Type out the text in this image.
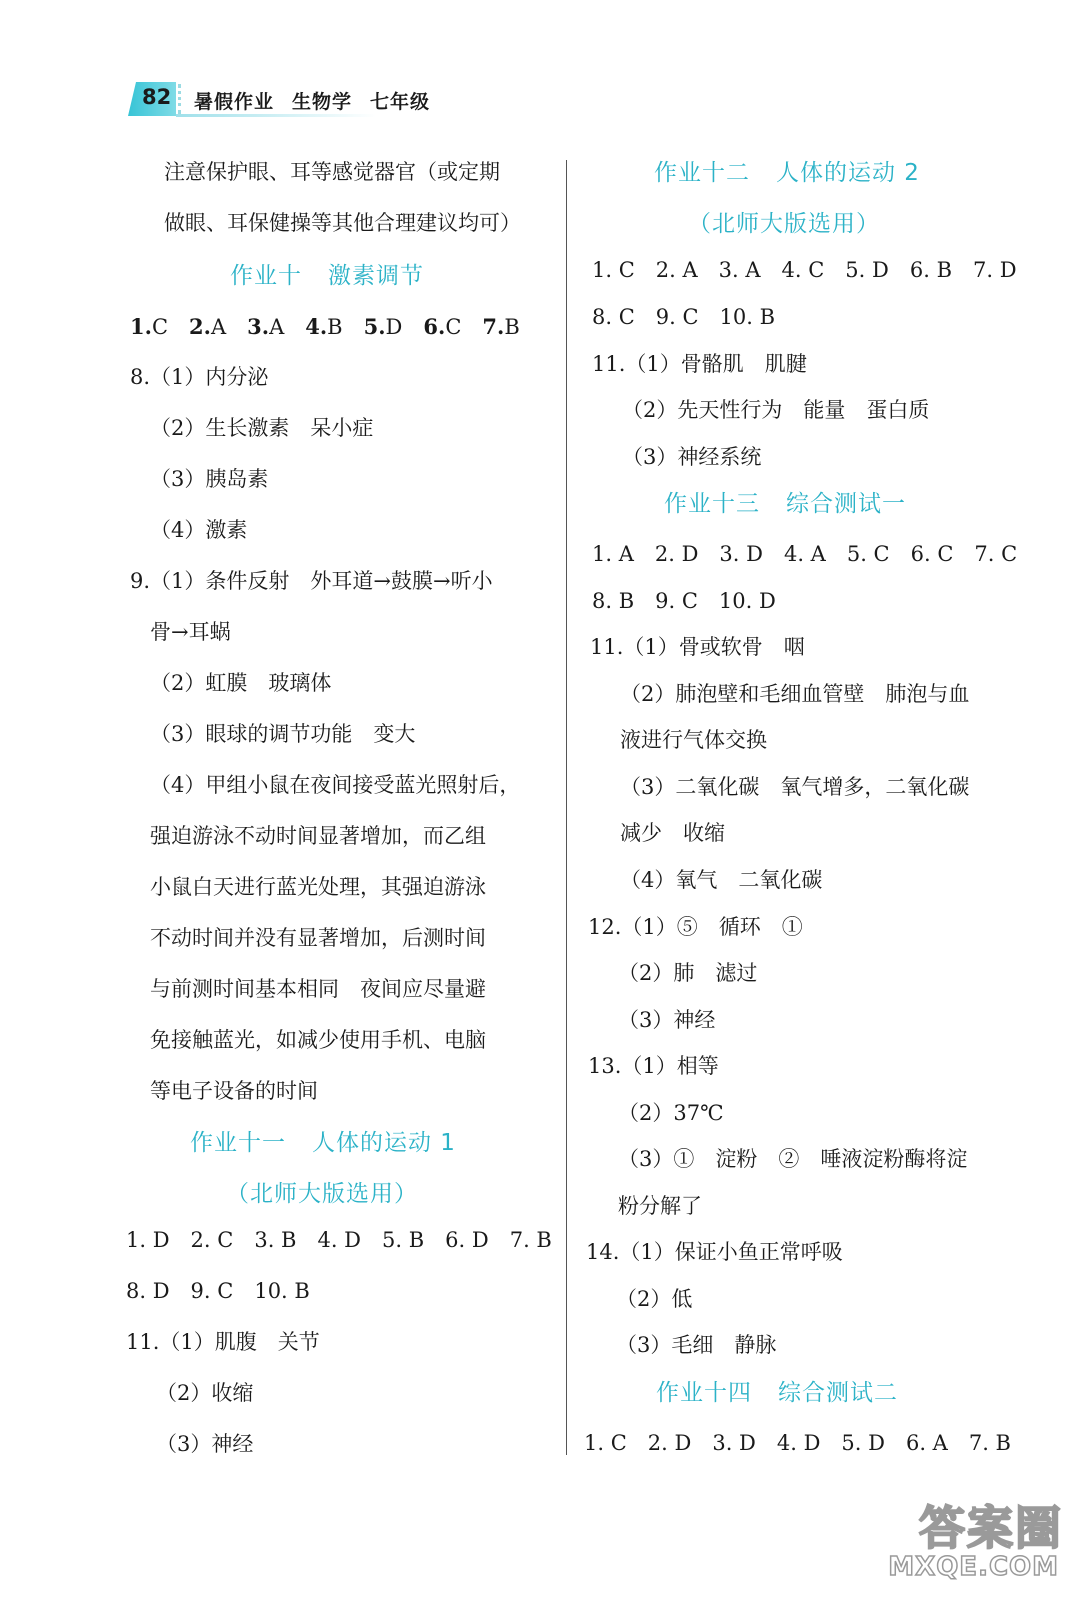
82 暑假作业 生物学 七年级
注意保护眼、耳等感觉器官（或定期
做眼、耳保健操等其他合理建议均可）
作业十 激素调节
1.C  2.A  3.A  4.B  5.D  6.C  7.B
8.（1）内分泌
（2）生长激素　呆小症
（3）胰岛素
（4）激素
9.（1）条件反射　外耳道→鼓膜→听小
骨→耳蜗
（2）虹膜　玻璃体
（3）眼球的调节功能　变大
（4）甲组小鼠在夜间接受蓝光照射后，
强迫游泳不动时间显著增加，而乙组
小鼠白天进行蓝光处理，其强迫游泳
不动时间并没有显著增加，后测时间
与前测时间基本相同　夜间应尽量避
免接触蓝光，如减少使用手机、电脑
等电子设备的时间
作业十一 人体的运动 1
（北师大版选用）
1. D　2. C　3. B　4. D　5. B　6. D　7. B
8. D　9. C　10. B
11.（1）肌腹　关节
（2）收缩
（3）神经
作业十二 人体的运动 2
（北师大版选用）
1. C　2. A　3. A　4. C　5. D　6. B　7. D
8. C　9. C　10. B
11.（1）骨骼肌　肌腱
（2）先天性行为　能量　蛋白质
（3）神经系统
作业十三 综合测试一
1. A　2. D　3. D　4. A　5. C　6. C　7. C
8. B　9. C　10. D
11.（1）骨或软骨　咽
（2）肺泡壁和毛细血管壁　肺泡与血
液进行气体交换
（3）二氧化碳　氧气增多，二氧化碳
减少　收缩
（4）氧气　二氧化碳
12.（1）⑤　循环　①
（2）肺　滤过
（3）神经
13.（1）相等
（2）37℃
（3）①　淀粉　②　唾液淀粉酶将淀
粉分解了
14.（1）保证小鱼正常呼吸
（2）低
（3）毛细　静脉
作业十四 综合测试二
1. C　2. D　3. D　4. D　5. D　6. A　7. B
答案圈
MXQE.COM
